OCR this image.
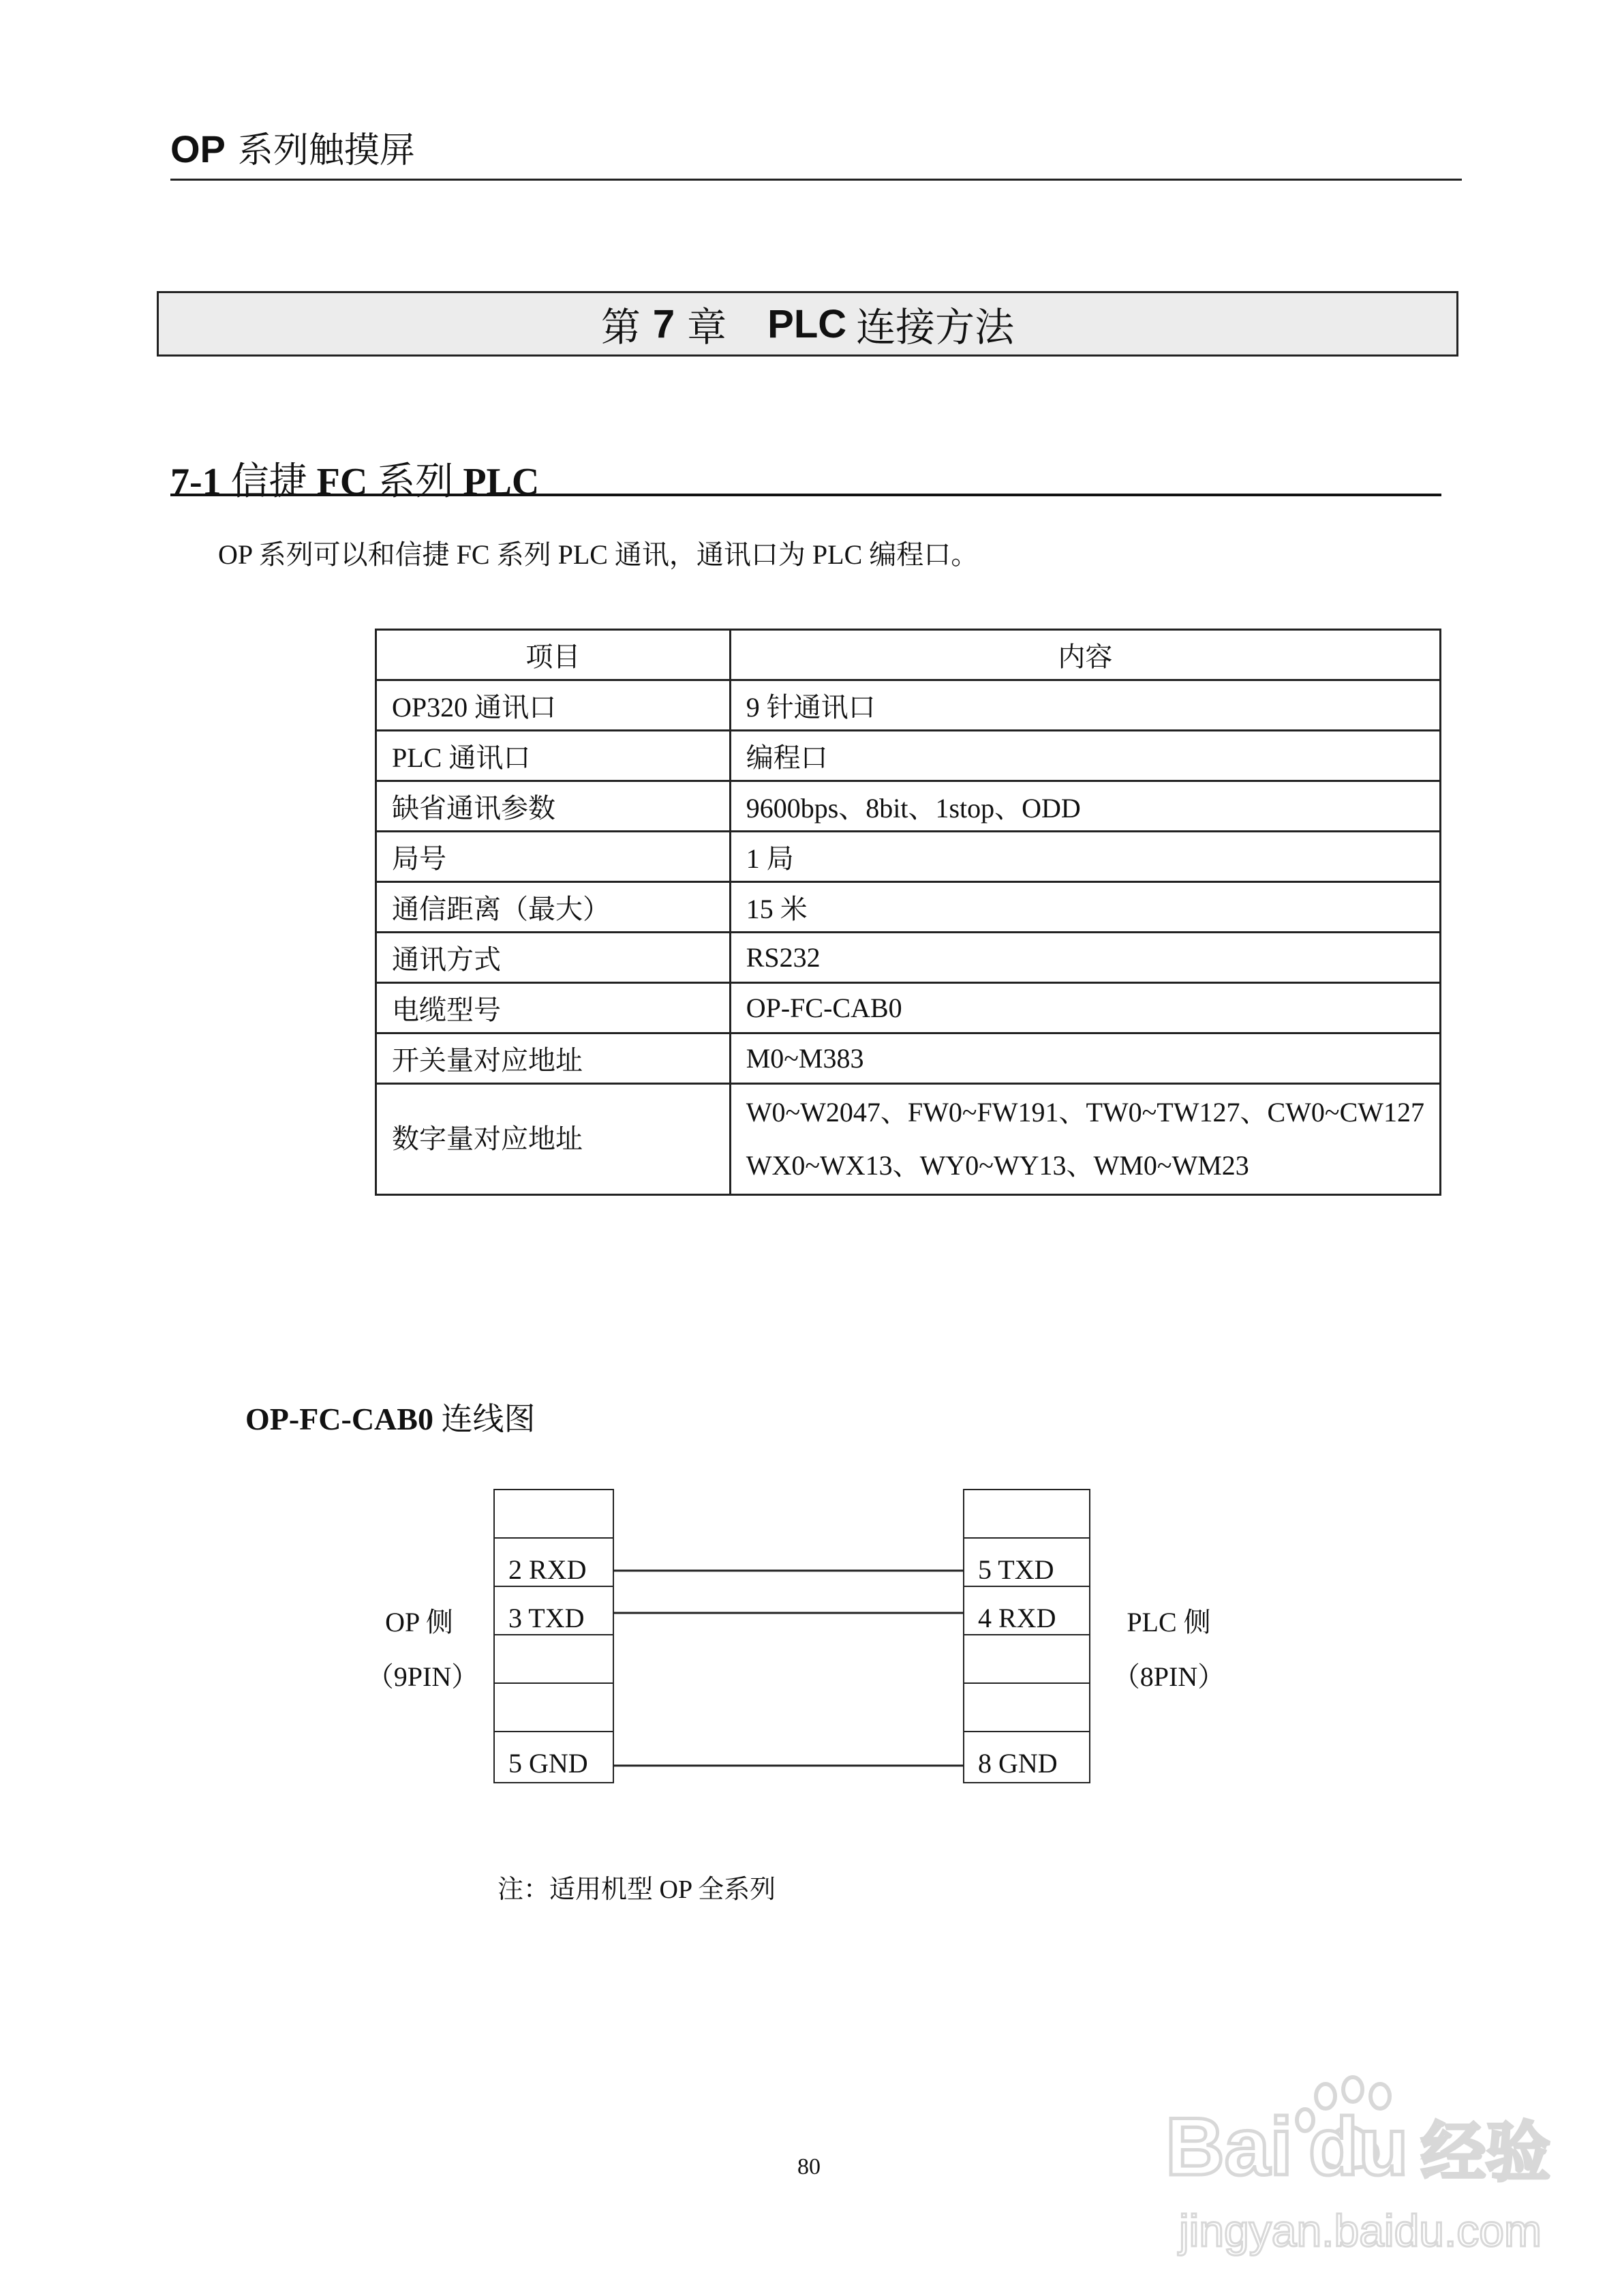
OP 系列触摸屏
第 7 章 PLC 连接方法
7-1 信捷 FC 系列 PLC
OP 系列可以和信捷 FC 系列 PLC 通讯，通讯口为 PLC 编程口。
项目	内容
OP320 通讯口	9 针通讯口
PLC 通讯口	编程口
缺省通讯参数	9600bps、8bit、1stop、ODD
局号	1 局
通信距离（最大）	15 米
通讯方式	RS232
电缆型号	OP-FC-CAB0
开关量对应地址	M0~M383
数字量对应地址	W0~W2047、FW0~FW191、TW0~TW127、CW0~CW127
WX0~WX13、WY0~WY13、WM0~WM23
OP-FC-CAB0 连线图
OP 侧
（9PIN）
2 RXD
3 TXD
5 GND
5 TXD
4 RXD
8 GND
PLC 侧
（8PIN）
注：适用机型 OP 全系列
80	Bai du 经验
jingyan.baidu.com
